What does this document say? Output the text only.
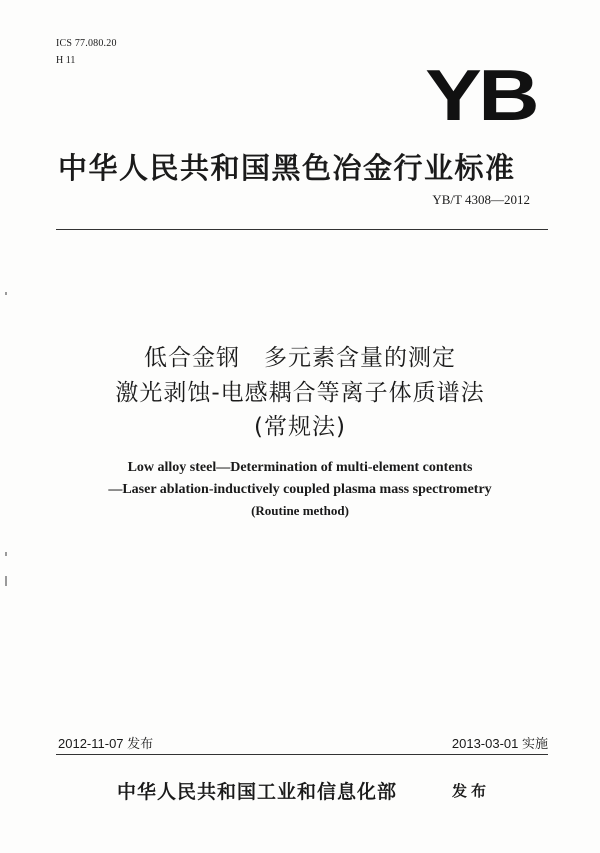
ICS 77.080.20
H 11	YB
中华人民共和国黑色冶金行业标准
YB/T 4308—2012
低合金钢　多元素含量的测定
激光剥蚀-电感耦合等离子体质谱法
(常规法)
Low alloy steel—Determination of multi-element contents
—Laser ablation-inductively coupled plasma mass spectrometry
(Routine method)
2012-11-07 发布	2013-03-01 实施
中华人民共和国工业和信息化部	发布
